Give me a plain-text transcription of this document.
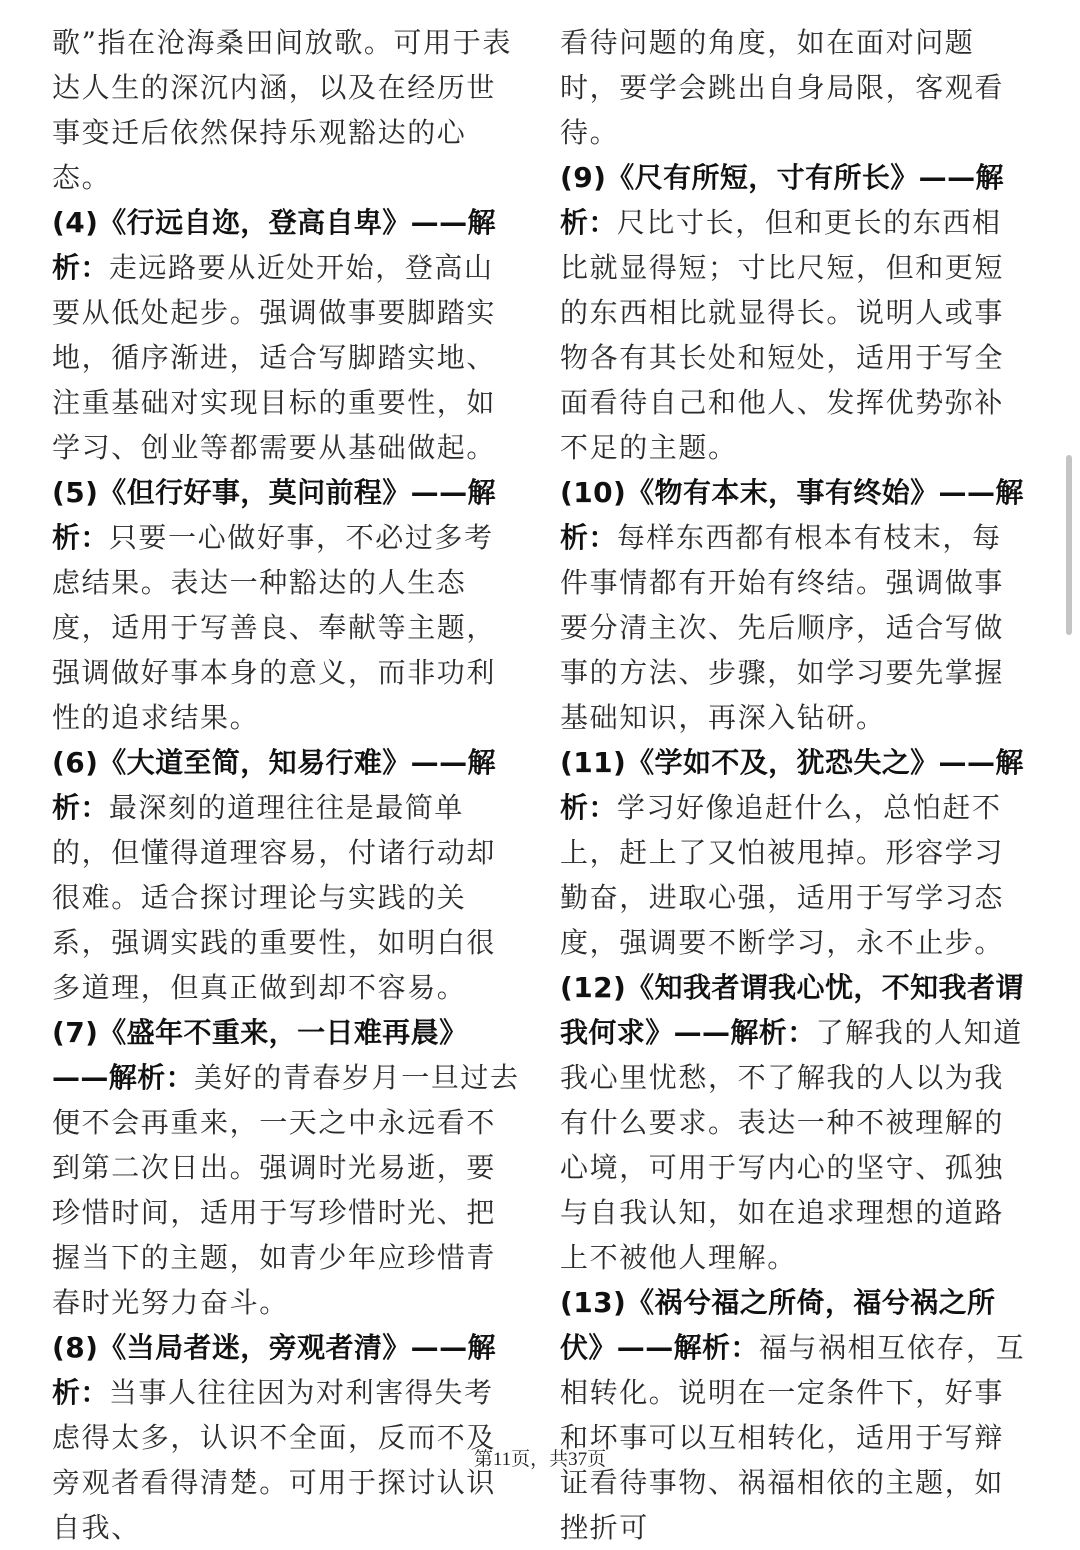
歌”指在沧海桑田间放歌。可用于表达人生的深沉内涵，以及在经历世事变迁后依然保持乐观豁达的心态。
(4)《行远自迩，登高自卑》——解析：走远路要从近处开始，登高山要从低处起步。强调做事要脚踏实地，循序渐进，适合写脚踏实地、注重基础对实现目标的重要性，如学习、创业等都需要从基础做起。
(5)《但行好事，莫问前程》——解析：只要一心做好事，不必过多考虑结果。表达一种豁达的人生态度，适用于写善良、奉献等主题，强调做好事本身的意义，而非功利性的追求结果。
(6)《大道至简，知易行难》——解析：最深刻的道理往往是最简单的，但懂得道理容易，付诸行动却很难。适合探讨理论与实践的关系，强调实践的重要性，如明白很多道理，但真正做到却不容易。
(7)《盛年不重来，一日难再晨》——解析：美好的青春岁月一旦过去便不会再重来，一天之中永远看不到第二次日出。强调时光易逝，要珍惜时间，适用于写珍惜时光、把握当下的主题，如青少年应珍惜青春时光努力奋斗。
(8)《当局者迷，旁观者清》——解析：当事人往往因为对利害得失考虑得太多，认识不全面，反而不及旁观者看得清楚。可用于探讨认识自我、
看待问题的角度，如在面对问题时，要学会跳出自身局限，客观看待。
(9)《尺有所短，寸有所长》——解析：尺比寸长，但和更长的东西相比就显得短；寸比尺短，但和更短的东西相比就显得长。说明人或事物各有其长处和短处，适用于写全面看待自己和他人、发挥优势弥补不足的主题。
(10)《物有本末，事有终始》——解析：每样东西都有根本有枝末，每件事情都有开始有终结。强调做事要分清主次、先后顺序，适合写做事的方法、步骤，如学习要先掌握基础知识，再深入钻研。
(11)《学如不及，犹恐失之》——解析：学习好像追赶什么，总怕赶不上，赶上了又怕被甩掉。形容学习勤奋，进取心强，适用于写学习态度，强调要不断学习，永不止步。
(12)《知我者谓我心忧，不知我者谓我何求》——解析：了解我的人知道我心里忧愁，不了解我的人以为我有什么要求。表达一种不被理解的心境，可用于写内心的坚守、孤独与自我认知，如在追求理想的道路上不被他人理解。
(13)《祸兮福之所倚，福兮祸之所伏》——解析：福与祸相互依存，互相转化。说明在一定条件下，好事和坏事可以互相转化，适用于写辩证看待事物、祸福相依的主题，如挫折可
第11页，共37页
